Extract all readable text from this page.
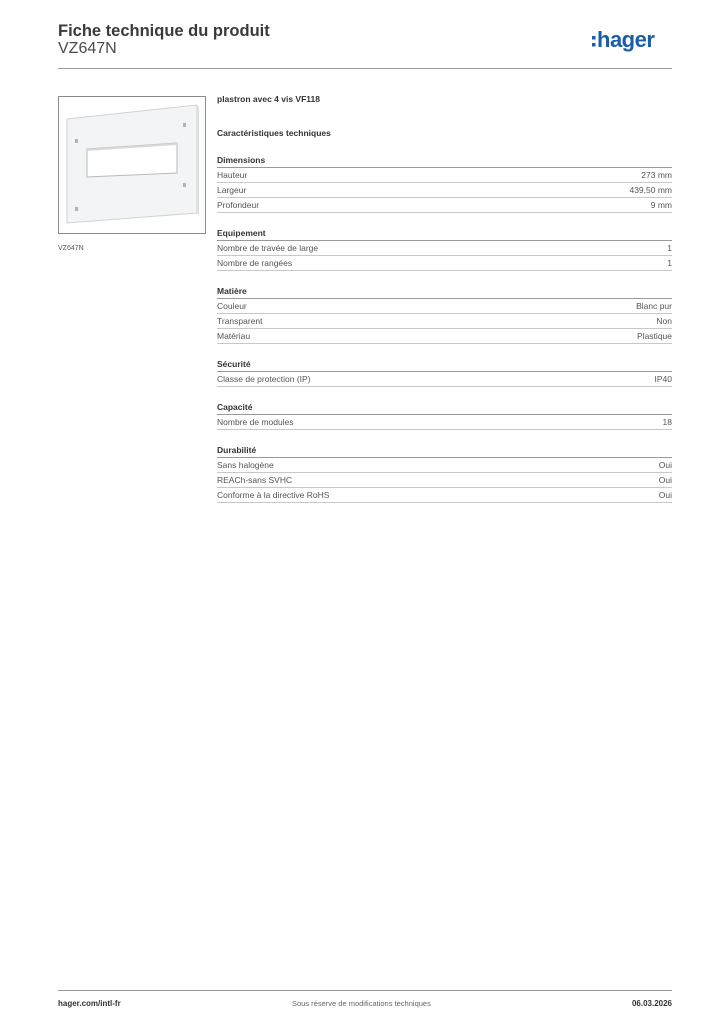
Fiche technique du produit
VZ647N	hager
VZ647N
plastron avec 4 vis VF118
Caractéristiques techniques
Dimensions
Hauteur	273 mm
Largeur	439,50 mm
Profondeur	9 mm
Equipement
Nombre de travée de large	1
Nombre de rangées	1
Matière
Couleur	Blanc pur
Transparent	Non
Matériau	Plastique
Sécurité
Classe de protection (IP)	IP40
Capacité
Nombre de modules	18
Durabilité
Sans halogène	Oui
REACh-sans SVHC	Oui
Conforme à la directive RoHS	Oui
hager.com/intl-fr	Sous réserve de modifications techniques	06.03.2026
